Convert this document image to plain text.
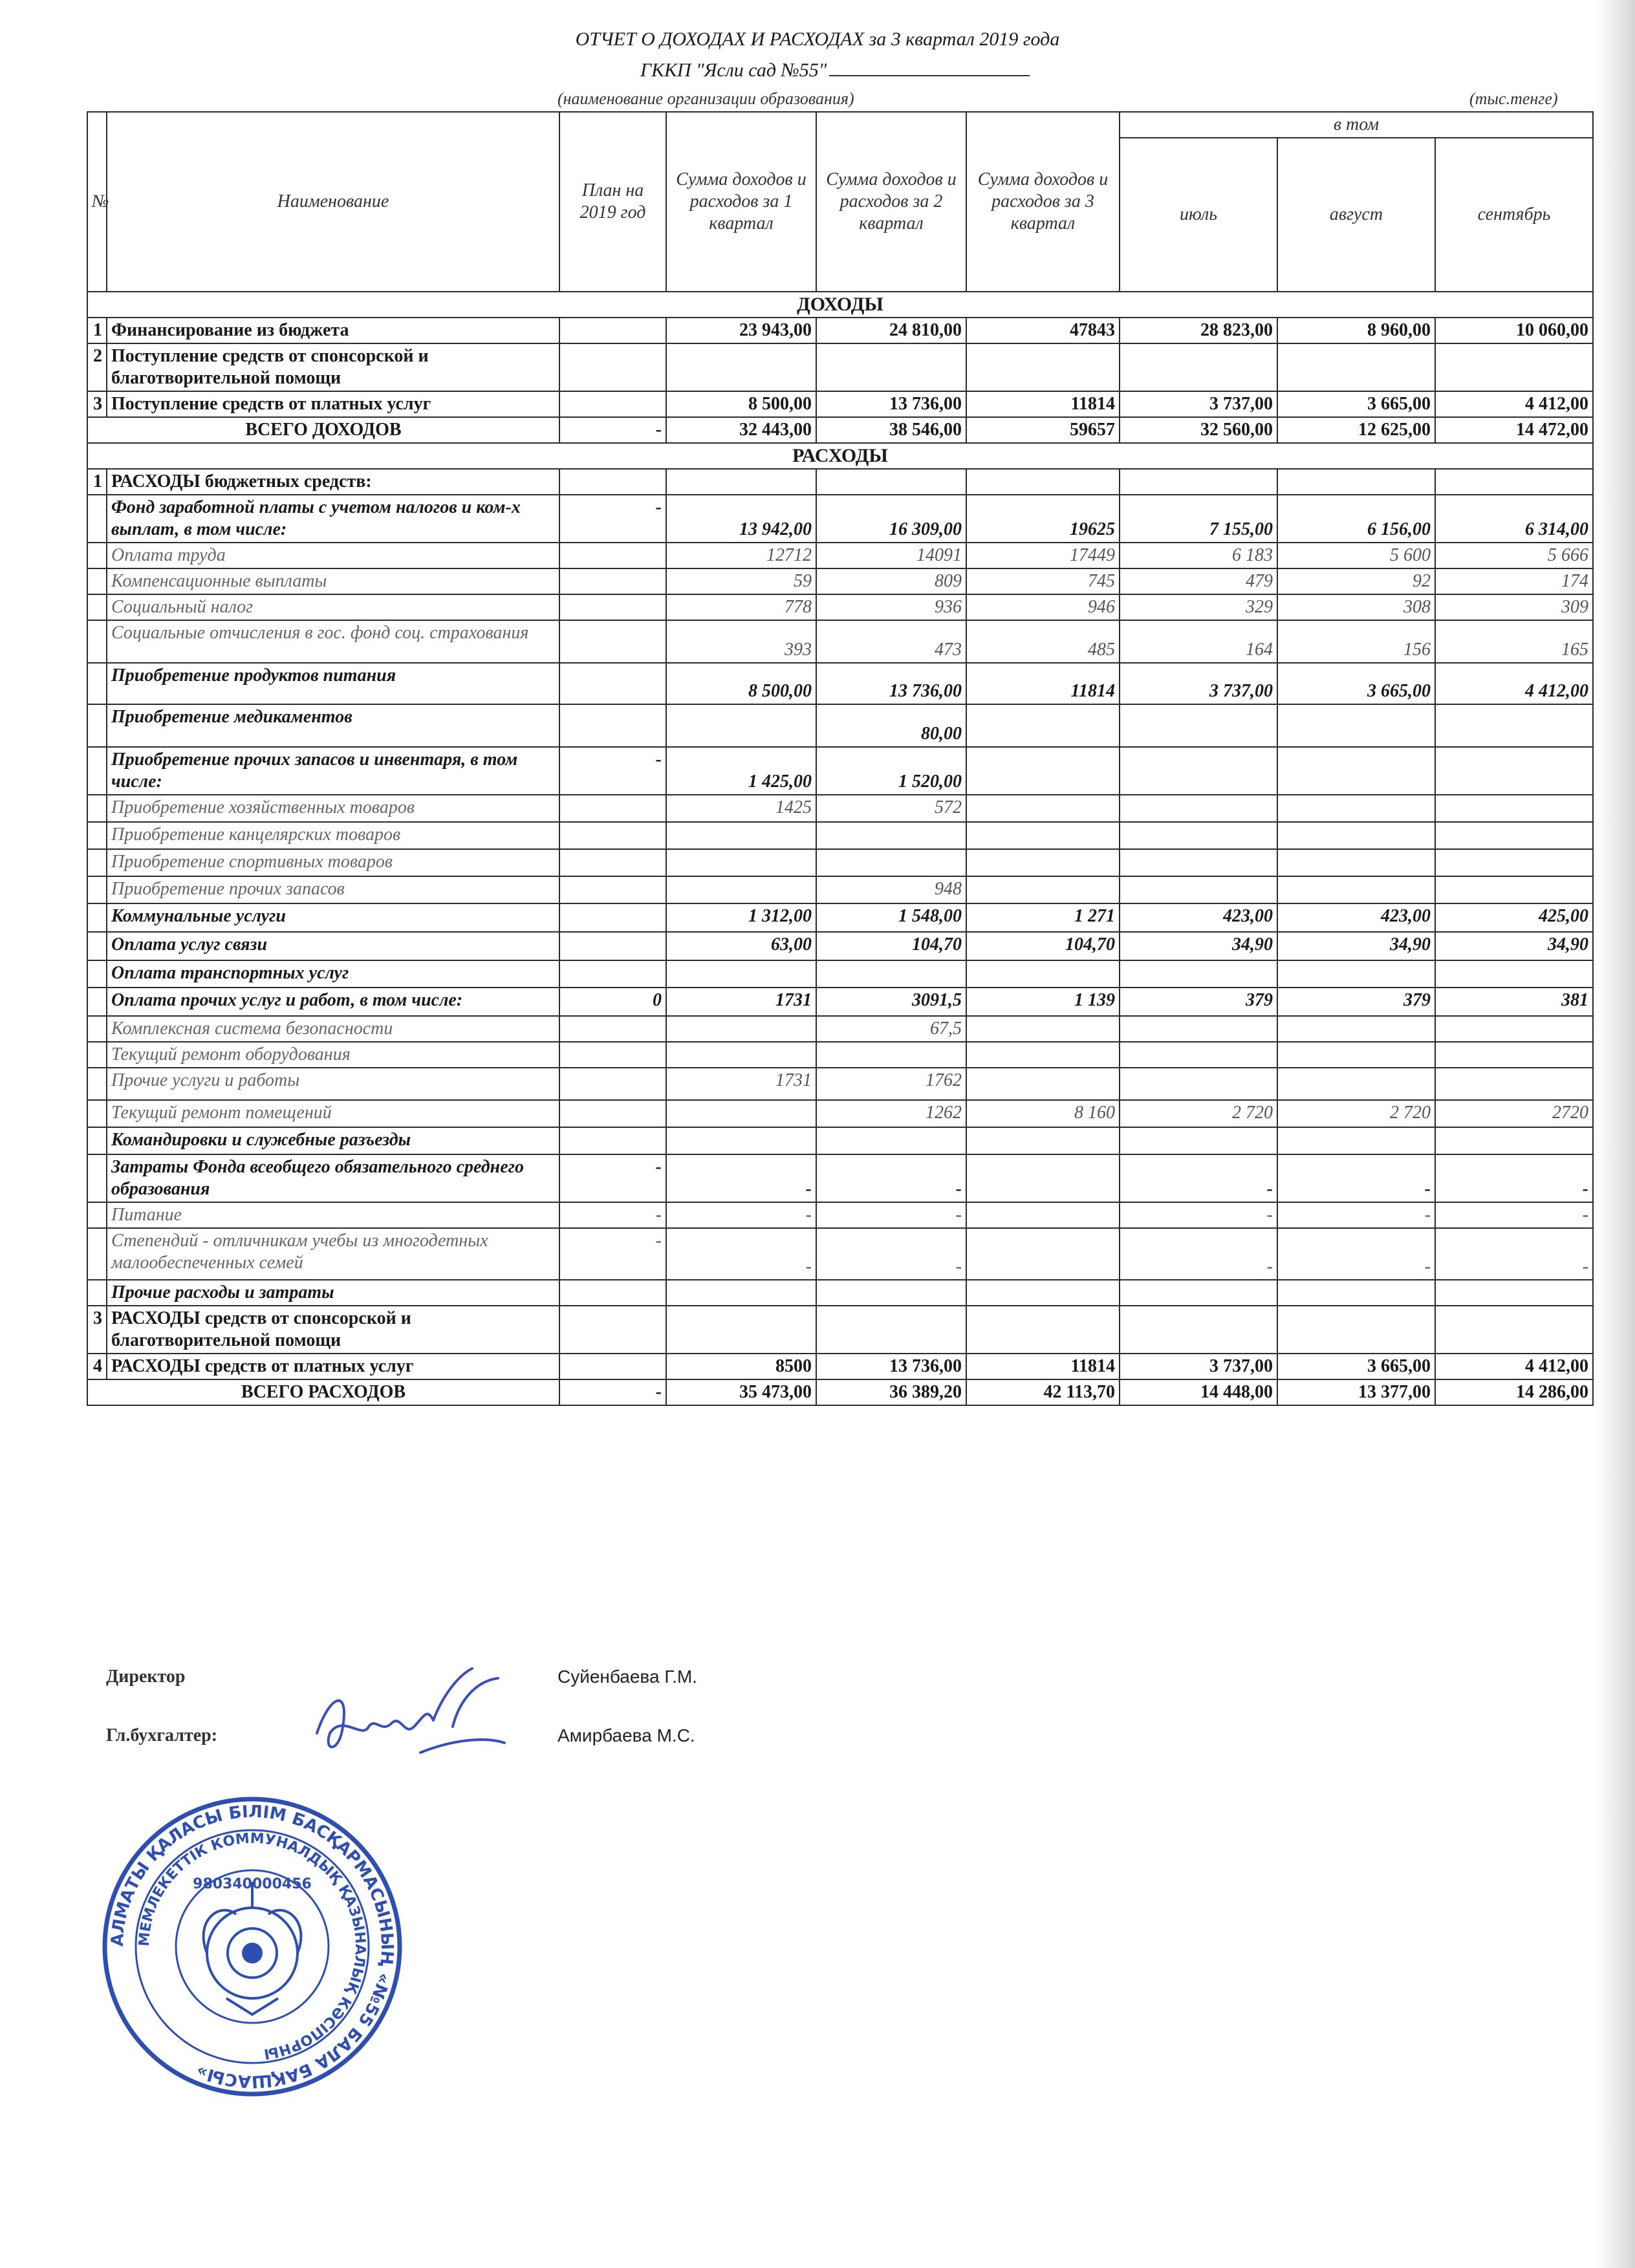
ОТЧЕТ О ДОХОДАХ И РАСХОДАХ за 3 квартал 2019 года
ГККП "Ясли сад №55"
(наименование организации образования)	(тыс.тенге)
№	Наименование	План на 2019 год	Сумма доходов и расходов за 1 квартал	Сумма доходов и расходов за 2 квартал	Сумма доходов и расходов за 3 квартал	в том		
						июль	август	сентябрь
ДОХОДЫ								
1	Финансирование из бюджета		23 943,00	24 810,00	47843	28 823,00	8 960,00	10 060,00
2	Поступление средств от спонсорской и благотворительной помощи							
3	Поступление средств от платных услуг		8 500,00	13 736,00	11814	3 737,00	3 665,00	4 412,00
ВСЕГО ДОХОДОВ		-	32 443,00	38 546,00	59657	32 560,00	12 625,00	14 472,00
РАСХОДЫ								
1	РАСХОДЫ бюджетных средств:							
	Фонд заработной платы с учетом налогов и ком-х выплат, в том числе:	-	13 942,00	16 309,00	19625	7 155,00	6 156,00	6 314,00
	Оплата труда		12712	14091	17449	6 183	5 600	5 666
	Компенсационные выплаты		59	809	745	479	92	174
	Социальный налог		778	936	946	329	308	309
	Социальные отчисления в гос. фонд соц. страхования		393	473	485	164	156	165
	Приобретение продуктов питания		8 500,00	13 736,00	11814	3 737,00	3 665,00	4 412,00
	Приобретение медикаментов			80,00				
	Приобретение прочих запасов и инвентаря, в том числе:	-	1 425,00	1 520,00				
	Приобретение хозяйственных товаров		1425	572				
	Приобретение канцелярских товаров							
	Приобретение спортивных товаров							
	Приобретение прочих запасов			948				
	Коммунальные услуги		1 312,00	1 548,00	1 271	423,00	423,00	425,00
	Оплата услуг связи		63,00	104,70	104,70	34,90	34,90	34,90
	Оплата транспортных услуг							
	Оплата прочих услуг и работ, в том числе:	0	1731	3091,5	1 139	379	379	381
	Комплексная система безопасности			67,5				
	Текущий ремонт оборудования							
	Прочие услуги и работы		1731	1762				
	Текущий ремонт помещений			1262	8 160	2 720	2 720	2720
	Командировки и служебные разъезды							
	Затраты Фонда всеобщего обязательного среднего образования	-	-	-		-	-	-
	Питание	-	-	-		-	-	-
	Степендий - отличникам учебы из многодетных малообеспеченных семей	-	-	-		-	-	-
	Прочие расходы и затраты							
3	РАСХОДЫ средств от спонсорской и благотворительной помощи							
4	РАСХОДЫ средств от платных услуг		8500	13 736,00	11814	3 737,00	3 665,00	4 412,00
ВСЕГО РАСХОДОВ		-	35 473,00	36 389,20	42 113,70	14 448,00	13 377,00	14 286,00
Директор	Суйенбаева Г.М.
Гл.бухгалтер:	Амирбаева М.С.
АЛМАТЫ ҚАЛАСЫ БІЛІМ БАСҚАРМАСЫНЫҢ «№55 БАЛА БАҚШАСЫ»
МЕМЛЕКЕТТІК КОММУНАЛДЫҚ ҚАЗЫНАЛЫҚ КӘСІПОРНЫ
980340000456
